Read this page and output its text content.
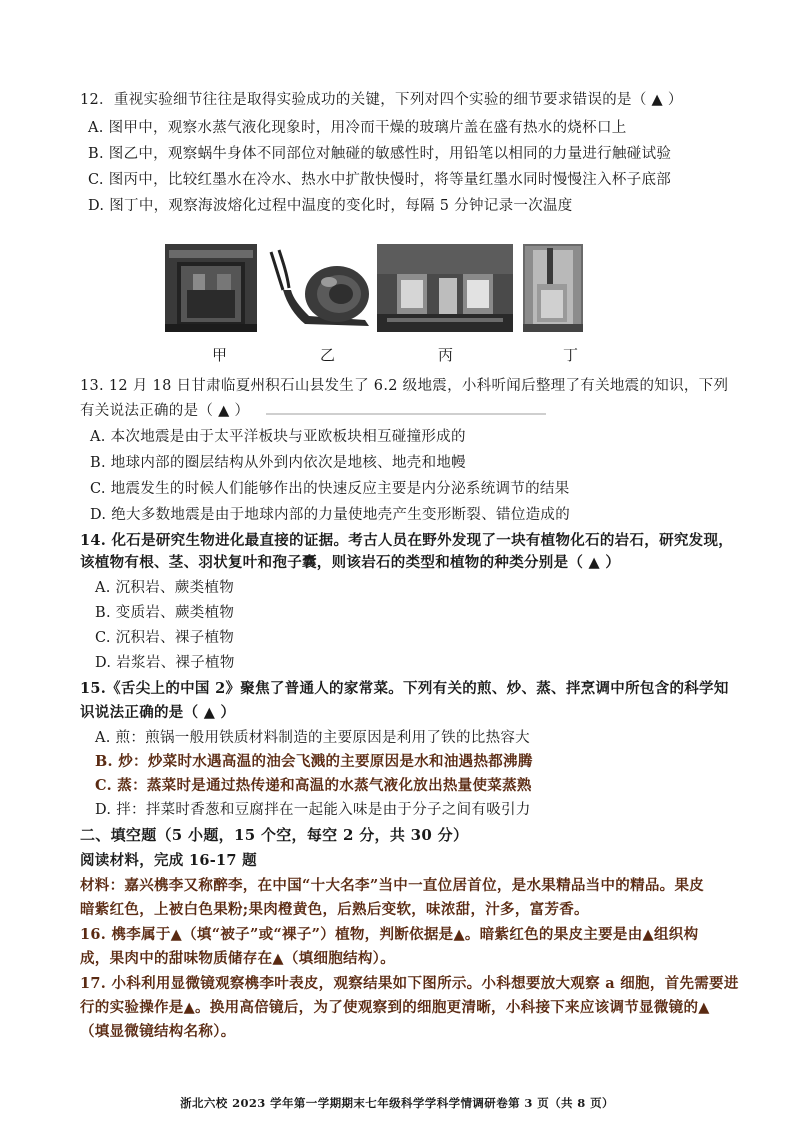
12．重视实验细节往往是取得实验成功的关键，下列对四个实验的细节要求错误的是（ ▲ ）
A. 图甲中，观察水蒸气液化现象时，用冷而干燥的玻璃片盖在盛有热水的烧杯口上
B. 图乙中，观察蜗牛身体不同部位对触碰的敏感性时，用铅笔以相同的力量进行触碰试验
C. 图丙中，比较红墨水在冷水、热水中扩散快慢时，将等量红墨水同时慢慢注入杯子底部
D. 图丁中，观察海波熔化过程中温度的变化时，每隔 5 分钟记录一次温度
甲	乙	丙	丁
13. 12 月 18 日甘肃临夏州积石山县发生了 6.2 级地震，小科听闻后整理了有关地震的知识，下列
有关说法正确的是（ ▲ ）
A. 本次地震是由于太平洋板块与亚欧板块相互碰撞形成的
B. 地球内部的圈层结构从外到内依次是地核、地壳和地幔
C. 地震发生的时候人们能够作出的快速反应主要是内分泌系统调节的结果
D. 绝大多数地震是由于地球内部的力量使地壳产生变形断裂、错位造成的
14. 化石是研究生物进化最直接的证据。考古人员在野外发现了一块有植物化石的岩石，研究发现，
该植物有根、茎、羽状复叶和孢子囊，则该岩石的类型和植物的种类分别是（ ▲ ）
A. 沉积岩、蕨类植物
B. 变质岩、蕨类植物
C. 沉积岩、裸子植物
D. 岩浆岩、裸子植物
15.《舌尖上的中国 2》聚焦了普通人的家常菜。下列有关的煎、炒、蒸、拌烹调中所包含的科学知
识说法正确的是（ ▲ ）
A. 煎：煎锅一般用铁质材料制造的主要原因是利用了铁的比热容大
B. 炒：炒菜时水遇高温的油会飞溅的主要原因是水和油遇热都沸腾
C. 蒸：蒸菜时是通过热传递和高温的水蒸气液化放出热量使菜蒸熟
D. 拌：拌菜时香葱和豆腐拌在一起能入味是由于分子之间有吸引力
二、填空题（5 小题，15 个空，每空 2 分，共 30 分）
阅读材料，完成 16-17 题
材料：嘉兴槜李又称醉李，在中国“十大名李”当中一直位居首位，是水果精品当中的精品。果皮
暗紫红色，上被白色果粉;果肉橙黄色，后熟后变软，味浓甜，汁多，富芳香。
16. 槜李属于▲（填“被子”或“裸子”）植物，判断依据是▲。暗紫红色的果皮主要是由▲组织构
成，果肉中的甜味物质储存在▲（填细胞结构）。
17. 小科利用显微镜观察槜李叶表皮，观察结果如下图所示。小科想要放大观察 a 细胞，首先需要进
行的实验操作是▲。换用高倍镜后，为了使观察到的细胞更清晰，小科接下来应该调节显微镜的▲
（填显微镜结构名称）。
浙北六校 2023 学年第一学期期末七年级科学学科学情调研卷第 3 页（共 8 页）
